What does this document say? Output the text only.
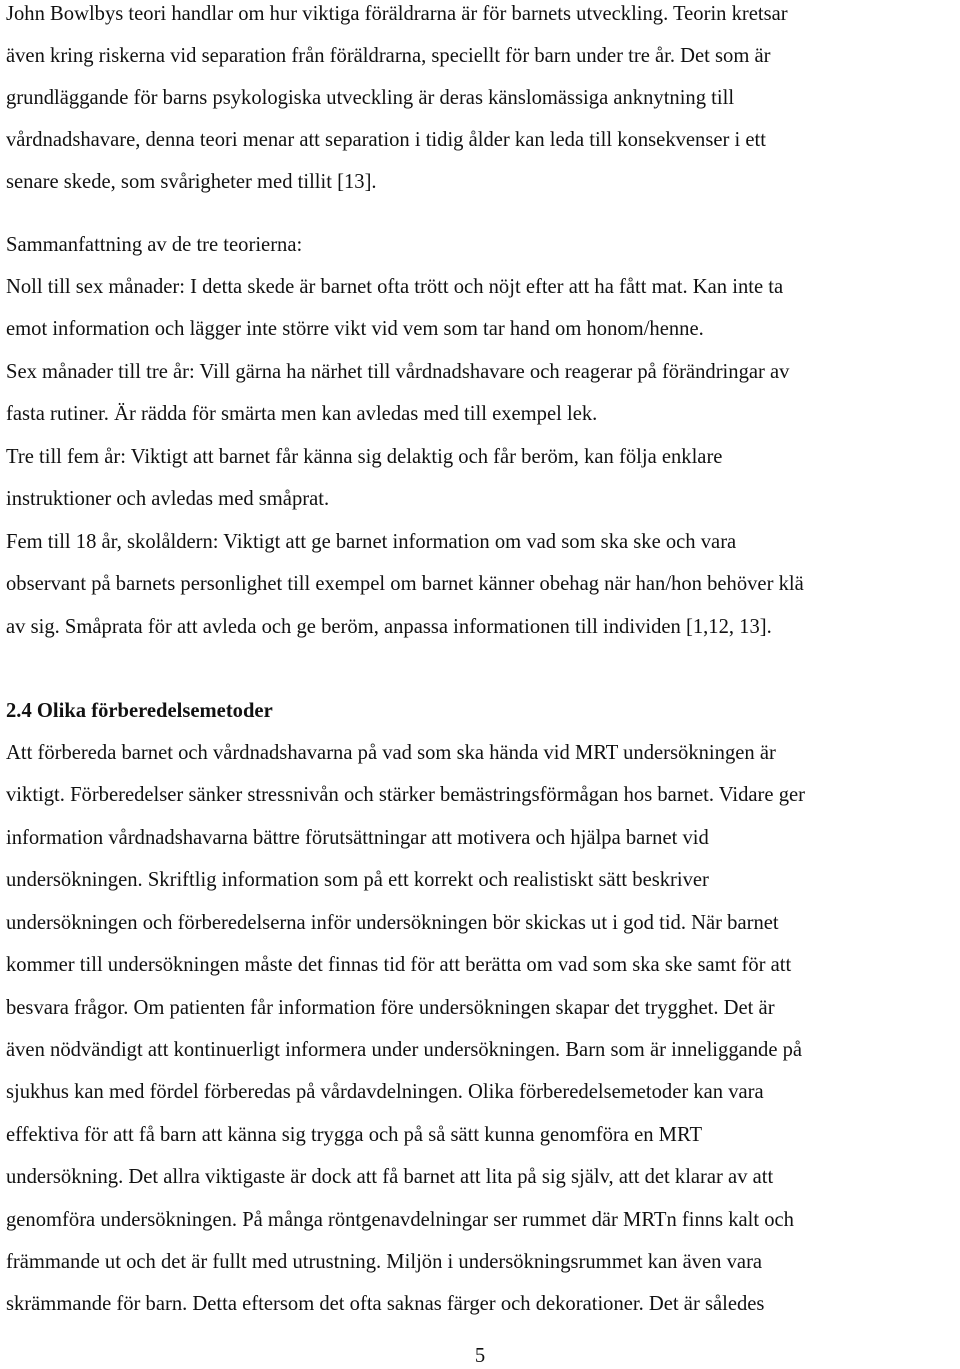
John Bowlbys teori handlar om hur viktiga föräldrarna är för barnets utveckling. Teorin kretsar
även kring riskerna vid separation från föräldrarna, speciellt för barn under tre år. Det som är
grundläggande för barns psykologiska utveckling är deras känslomässiga anknytning till
vårdnadshavare, denna teori menar att separation i tidig ålder kan leda till konsekvenser i ett
senare skede, som svårigheter med tillit [13].
Sammanfattning av de tre teorierna:
Noll till sex månader: I detta skede är barnet ofta trött och nöjt efter att ha fått mat. Kan inte ta
emot information och lägger inte större vikt vid vem som tar hand om honom/henne.
Sex månader till tre år: Vill gärna ha närhet till vårdnadshavare och reagerar på förändringar av
fasta rutiner. Är rädda för smärta men kan avledas med till exempel lek.
Tre till fem år: Viktigt att barnet får känna sig delaktig och får beröm, kan följa enklare
instruktioner och avledas med småprat.
Fem till 18 år, skolåldern: Viktigt att ge barnet information om vad som ska ske och vara
observant på barnets personlighet till exempel om barnet känner obehag när han/hon behöver klä
av sig. Småprata för att avleda och ge beröm, anpassa informationen till individen [1,12, 13].
2.4 Olika förberedelsemetoder
Att förbereda barnet och vårdnadshavarna på vad som ska hända vid MRT undersökningen är
viktigt. Förberedelser sänker stressnivån och stärker bemästringsförmågan hos barnet. Vidare ger
information vårdnadshavarna bättre förutsättningar att motivera och hjälpa barnet vid
undersökningen. Skriftlig information som på ett korrekt och realistiskt sätt beskriver
undersökningen och förberedelserna inför undersökningen bör skickas ut i god tid. När barnet
kommer till undersökningen måste det finnas tid för att berätta om vad som ska ske samt för att
besvara frågor. Om patienten får information före undersökningen skapar det trygghet. Det är
även nödvändigt att kontinuerligt informera under undersökningen. Barn som är inneliggande på
sjukhus kan med fördel förberedas på vårdavdelningen. Olika förberedelsemetoder kan vara
effektiva för att få barn att känna sig trygga och på så sätt kunna genomföra en MRT
undersökning. Det allra viktigaste är dock att få barnet att lita på sig själv, att det klarar av att
genomföra undersökningen. På många röntgenavdelningar ser rummet där MRTn finns kalt och
främmande ut och det är fullt med utrustning. Miljön i undersökningsrummet kan även vara
skrämmande för barn. Detta eftersom det ofta saknas färger och dekorationer. Det är således
5
